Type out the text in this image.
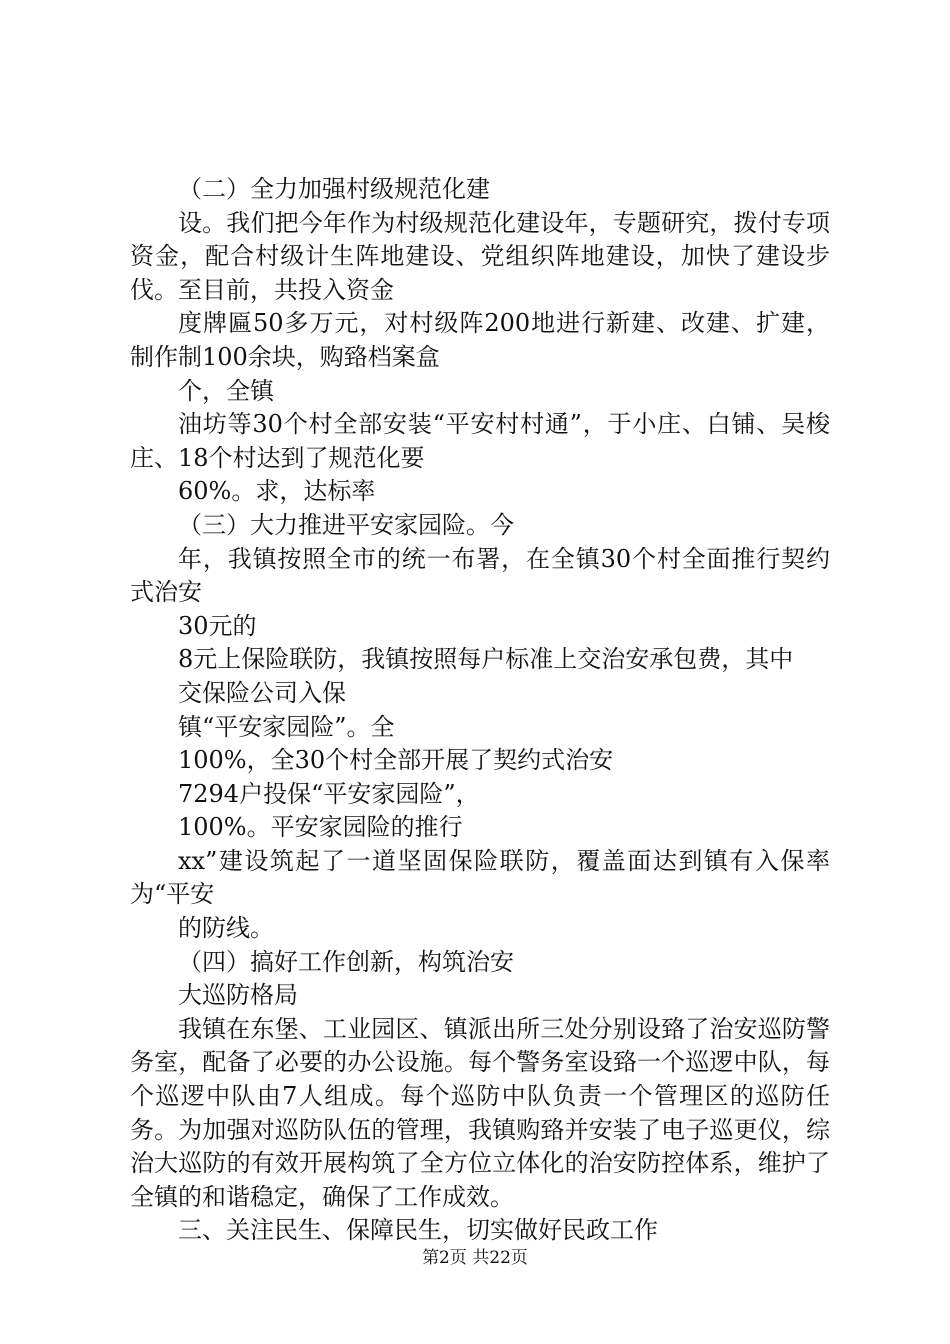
（二）全力加强村级规范化建

设。我们把今年作为村级规范化建设年，专题研究，拨付专项资金，配合村级计生阵地建设、党组织阵地建设，加快了建设步伐。至目前，共投入资金

度牌匾50多万元，对村级阵200地进行新建、改建、扩建，制作制100余块，购臵档案盒

个，全镇

油坊等30个村全部安装“平安村村通”，于小庄、白铺、吴梭庄、18个村达到了规范化要

60%。求，达标率

（三）大力推进平安家园险。今

年，我镇按照全市的统一布署，在全镇30个村全面推行契约式治安

30元的

8元上保险联防，我镇按照每户标准上交治安承包费，其中

交保险公司入保

镇“平安家园险”。全

100%，全30个村全部开展了契约式治安

7294户投保“平安家园险”，

100%。平安家园险的推行

xx”建设筑起了一道坚固保险联防，覆盖面达到镇有入保率为“平安

的防线。

（四）搞好工作创新，构筑治安

大巡防格局

我镇在东堡、工业园区、镇派出所三处分别设臵了治安巡防警务室，配备了必要的办公设施。每个警务室设臵一个巡逻中队，每个巡逻中队由7人组成。每个巡防中队负责一个管理区的巡防任务。为加强对巡防队伍的管理，我镇购臵并安装了电子巡更仪，综治大巡防的有效开展构筑了全方位立体化的治安防控体系，维护了全镇的和谐稳定，确保了工作成效。

三、关注民生、保障民生，切实做好民政工作

第2页 共22页
